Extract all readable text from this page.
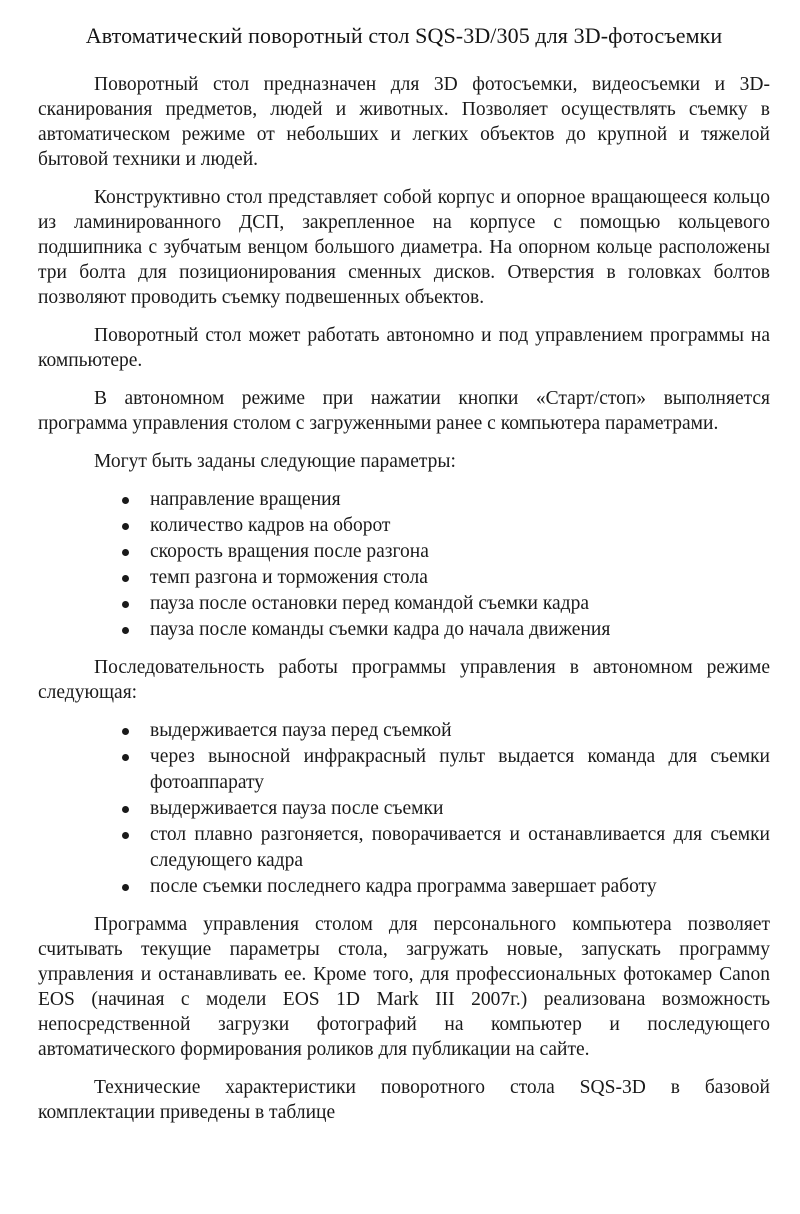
Автоматический поворотный стол SQS-3D/305 для 3D-фотосъемки

Поворотный стол предназначен для 3D фотосъемки, видеосъемки и 3D-сканирования предметов, людей и животных. Позволяет осуществлять съемку в автоматическом режиме от небольших и легких объектов до крупной и тяжелой бытовой техники и людей.

Конструктивно стол представляет собой корпус и опорное вращающееся кольцо из ламинированного ДСП, закрепленное на корпусе с помощью кольцевого подшипника с зубчатым венцом большого диаметра. На опорном кольце расположены три болта для позиционирования сменных дисков. Отверстия в головках болтов позволяют проводить съемку подвешенных объектов.

Поворотный стол может работать автономно и под управлением программы на компьютере.

В автономном режиме при нажатии кнопки «Старт/стоп» выполняется программа управления столом с загруженными ранее с компьютера параметрами.

Могут быть заданы следующие параметры:

направление вращения
количество кадров на оборот
скорость вращения после разгона
темп разгона и торможения стола
пауза после остановки перед командой съемки кадра
пауза после команды съемки кадра до начала движения

Последовательность работы программы управления в автономном режиме следующая:

выдерживается пауза перед съемкой
через выносной инфракрасный пульт выдается команда для съемки фотоаппарату
выдерживается пауза после съемки
стол плавно разгоняется, поворачивается и останавливается для съемки следующего кадра
после съемки последнего кадра программа завершает работу

Программа управления столом для персонального компьютера позволяет считывать текущие параметры стола, загружать новые, запускать программу управления и останавливать ее. Кроме того, для профессиональных фотокамер Canon EOS (начиная с модели EOS 1D Mark III 2007г.) реализована возможность непосредственной загрузки фотографий на компьютер и последующего автоматического формирования роликов для публикации на сайте.

Технические характеристики поворотного стола SQS-3D в базовой комплектации приведены в таблице
